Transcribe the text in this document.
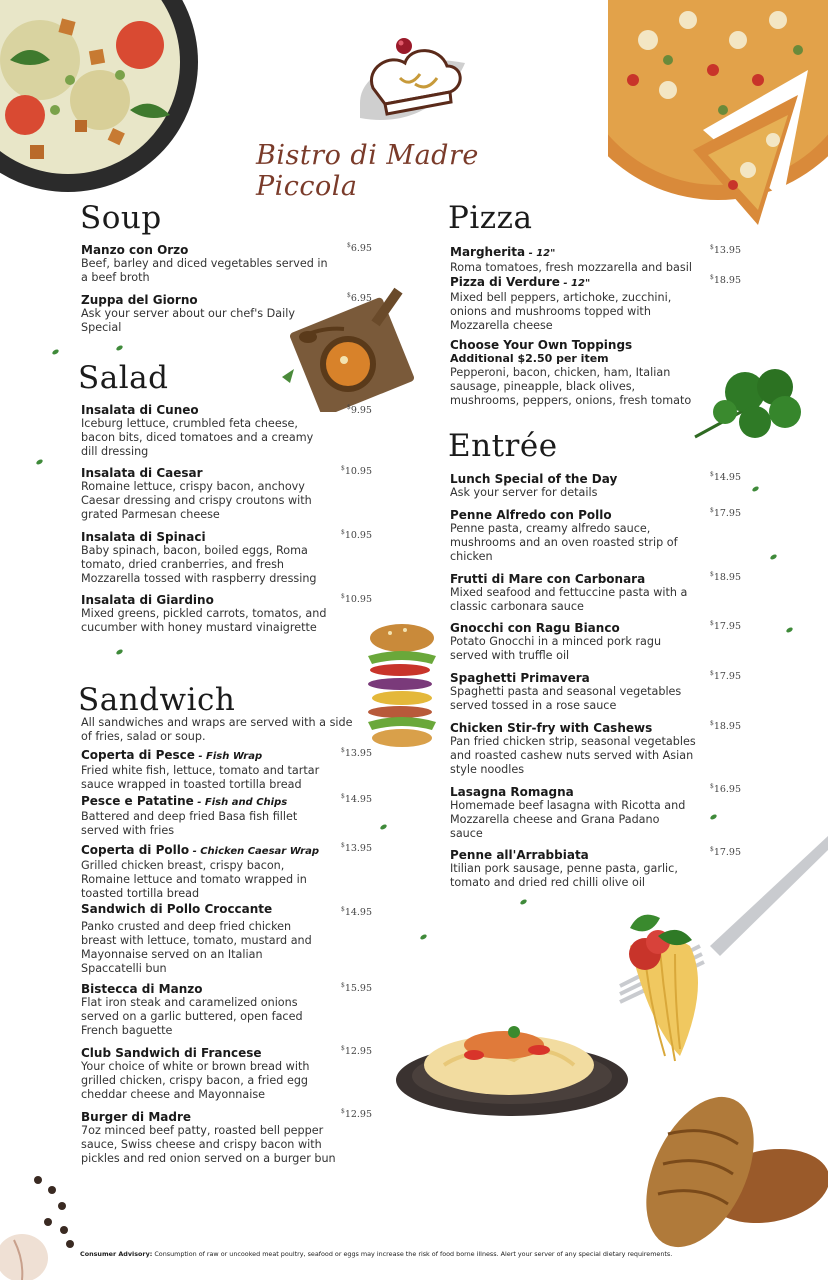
Bistro di Madre Piccola
Soup
Manzo con Orzo
Beef, barley and diced vegetables served in a beef broth
$6.95
Zuppa del Giorno
Ask your server about our chef's Daily Special
$6.95
Salad
Insalata di Cuneo
Iceburg lettuce, crumbled feta cheese, bacon bits, diced tomatoes and a creamy dill dressing
$9.95
Insalata di Caesar
Romaine lettuce, crispy bacon, anchovy Caesar dressing and crispy croutons with grated Parmesan cheese
$10.95
Insalata di Spinaci
Baby spinach, bacon, boiled eggs, Roma tomato, dried cranberries, and fresh Mozzarella tossed with raspberry dressing
$10.95
Insalata di Giardino
Mixed greens, pickled carrots, tomatos, and cucumber with honey mustard vinaigrette
$10.95
Sandwich
All sandwiches and wraps are served with a side of fries, salad or soup.
Coperta di Pesce - Fish Wrap
Fried white fish, lettuce, tomato and tartar sauce wrapped in toasted tortilla bread
$13.95
Pesce e Patatine - Fish and Chips
Battered and deep fried Basa fish fillet served with fries
$14.95
Coperta di Pollo - Chicken Caesar Wrap
Grilled chicken breast, crispy bacon, Romaine lettuce and tomato wrapped in toasted tortilla bread
$13.95
Sandwich di Pollo Croccante
Panko crusted and deep fried chicken breast with lettuce, tomato, mustard and Mayonnaise served on an Italian Spaccatelli bun
$14.95
Bistecca di Manzo
Flat iron steak and caramelized onions served on a garlic buttered, open faced French baguette
$15.95
Club Sandwich di Francese
Your choice of white or brown bread with grilled chicken, crispy bacon, a fried egg cheddar cheese and Mayonnaise
$12.95
Burger di Madre
7oz minced beef patty, roasted bell pepper sauce, Swiss cheese and crispy bacon with pickles and red onion served on a burger bun
$12.95
Pizza
Margherita - 12"
Roma tomatoes, fresh mozzarella and basil
$13.95
Pizza di Verdure - 12"
Mixed bell peppers, artichoke, zucchini, onions and mushrooms topped with Mozzarella cheese
$18.95
Choose Your Own Toppings
Additional $2.50 per item
Pepperoni, bacon, chicken, ham, Italian sausage, pineapple, black olives, mushrooms, peppers, onions, fresh tomato
Entrée
Lunch Special of the Day
Ask your server for details
$14.95
Penne Alfredo con Pollo
Penne pasta, creamy alfredo sauce, mushrooms and an oven roasted strip of chicken
$17.95
Frutti di Mare con Carbonara
Mixed seafood and fettuccine pasta with a classic carbonara sauce
$18.95
Gnocchi con Ragu Bianco
Potato Gnocchi in a minced pork ragu served with truffle oil
$17.95
Spaghetti Primavera
Spaghetti pasta and seasonal vegetables served tossed in a rose sauce
$17.95
Chicken Stir-fry with Cashews
Pan fried chicken strip, seasonal vegetables and roasted cashew nuts served with Asian style noodles
$18.95
Lasagna Romagna
Homemade beef lasagna with Ricotta and Mozzarella cheese and Grana Padano sauce
$16.95
Penne all'Arrabbiata
Itilian pork sausage, penne pasta, garlic, tomato and dried red chilli olive oil
$17.95
Consumer Advisory: Consumption of raw or uncooked meat poultry, seafood or eggs may increase the risk of food borne illness. Alert your server of any special dietary requirements.
